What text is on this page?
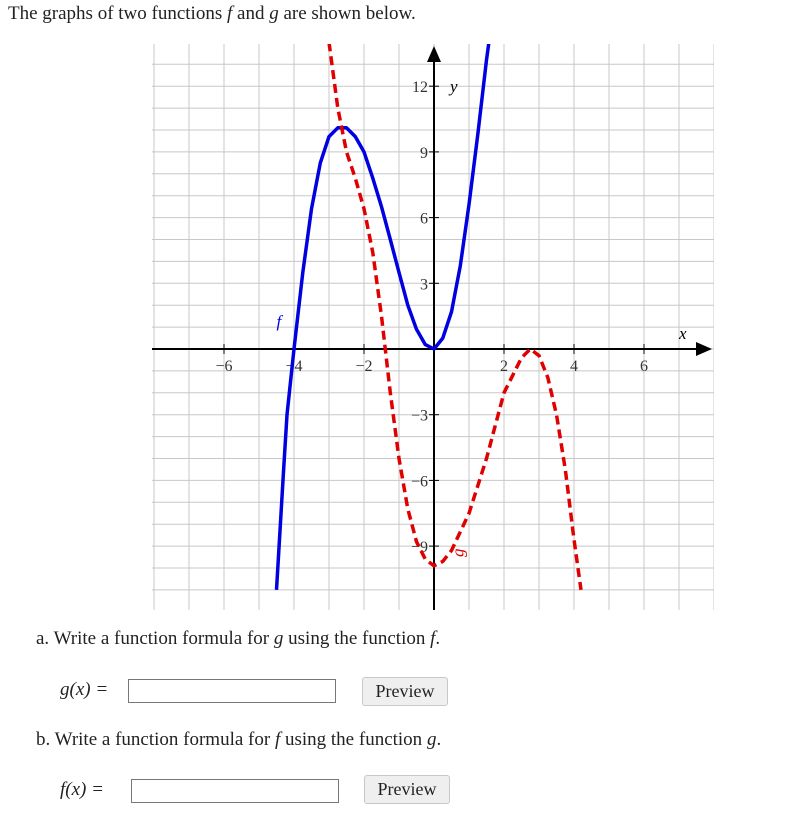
The graphs of two functions f and g are shown below.

−6	−4	−2	2	4	6
−9
−6
−3
3
6
9
12
f
g
x
y

a. Write a function formula for g using the function f.

g(x) =	Preview

b. Write a function formula for f using the function g.

f(x) =	Preview
